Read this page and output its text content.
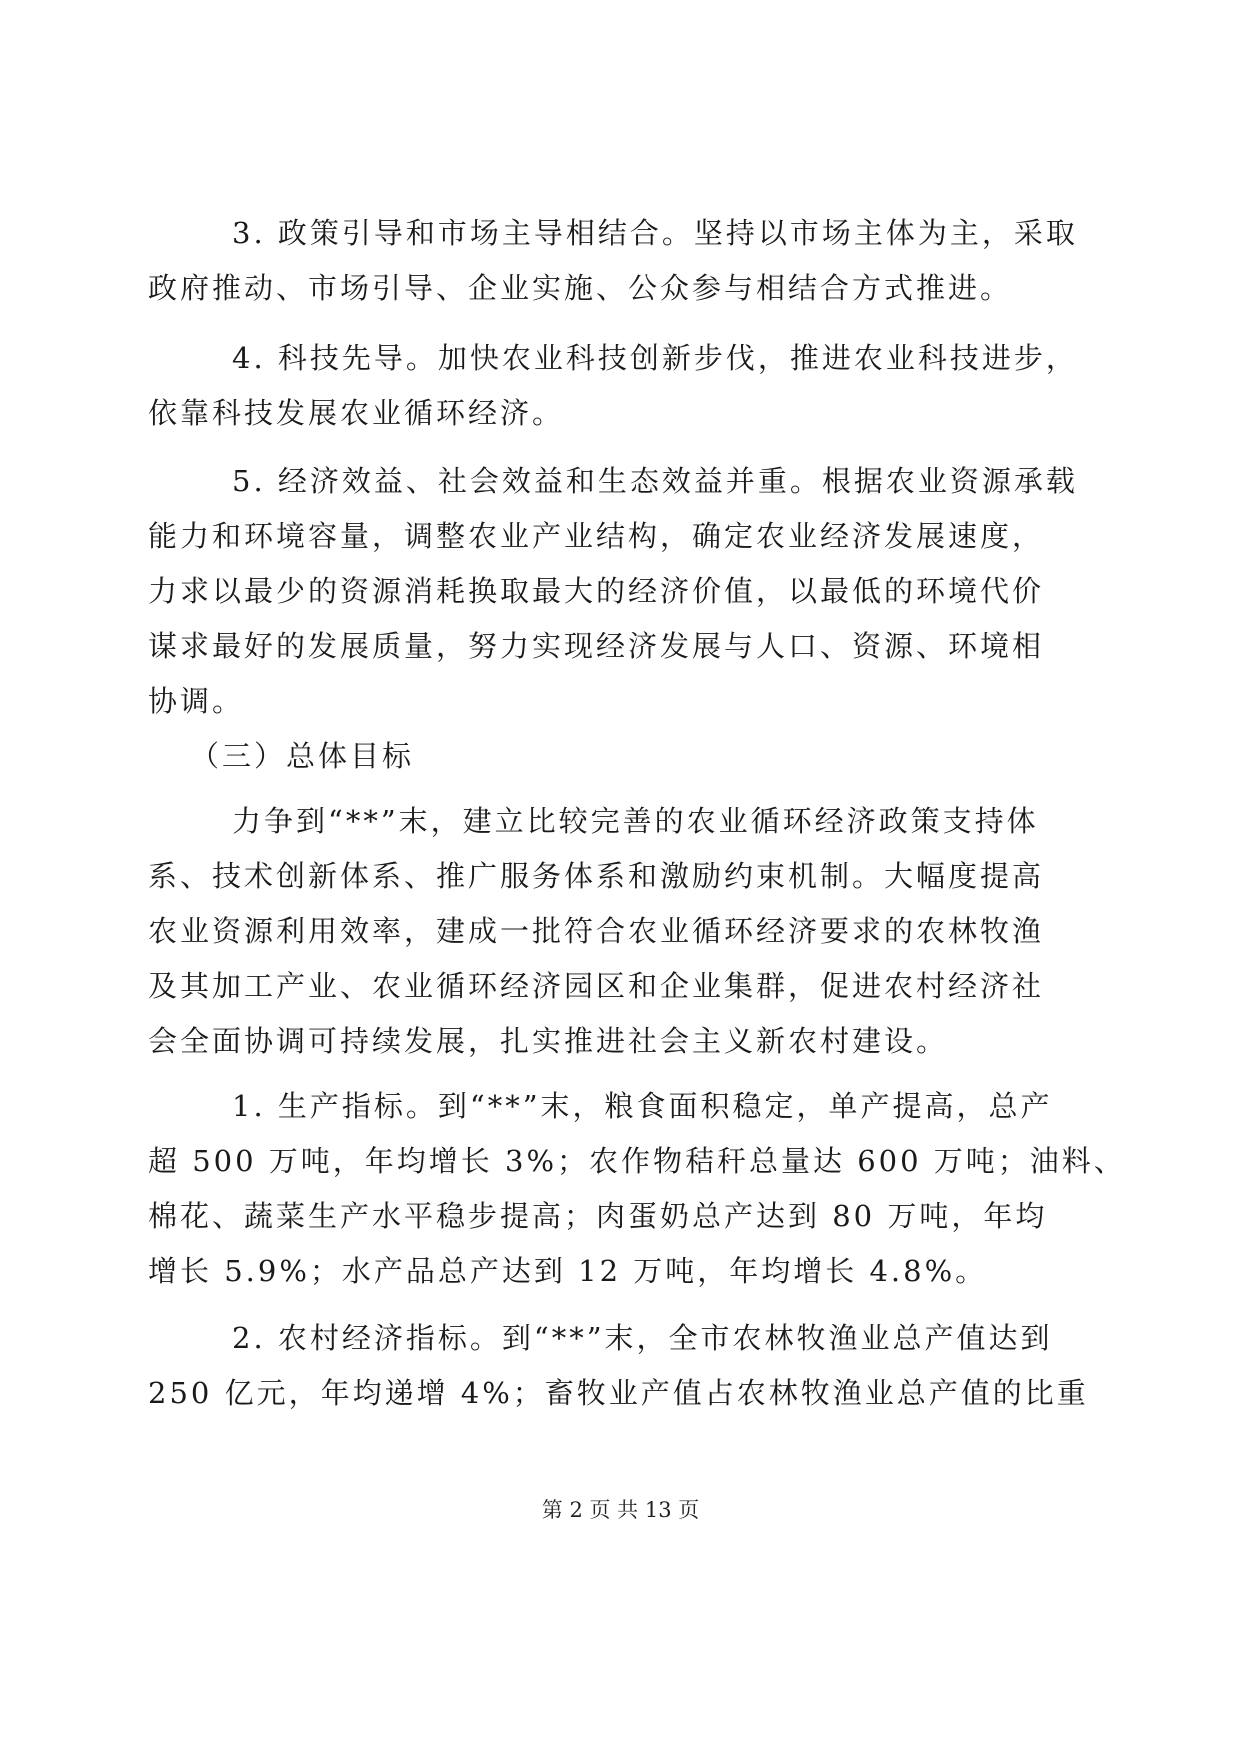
3. 政策引导和市场主导相结合。坚持以市场主体为主，采取
政府推动、市场引导、企业实施、公众参与相结合方式推进。
4. 科技先导。加快农业科技创新步伐，推进农业科技进步，
依靠科技发展农业循环经济。
5. 经济效益、社会效益和生态效益并重。根据农业资源承载
能力和环境容量，调整农业产业结构，确定农业经济发展速度，
力求以最少的资源消耗换取最大的经济价值，以最低的环境代价
谋求最好的发展质量，努力实现经济发展与人口、资源、环境相
协调。
（三）总体目标
力争到“**”末，建立比较完善的农业循环经济政策支持体
系、技术创新体系、推广服务体系和激励约束机制。大幅度提高
农业资源利用效率，建成一批符合农业循环经济要求的农林牧渔
及其加工产业、农业循环经济园区和企业集群，促进农村经济社
会全面协调可持续发展，扎实推进社会主义新农村建设。
1. 生产指标。到“**”末，粮食面积稳定，单产提高，总产
超 500 万吨，年均增长 3%；农作物秸秆总量达 600 万吨；油料、
棉花、蔬菜生产水平稳步提高；肉蛋奶总产达到 80 万吨，年均
增长 5.9%；水产品总产达到 12 万吨，年均增长 4.8%。
2. 农村经济指标。到“**”末，全市农林牧渔业总产值达到
250 亿元，年均递增 4%；畜牧业产值占农林牧渔业总产值的比重
第 2 页 共 13 页
